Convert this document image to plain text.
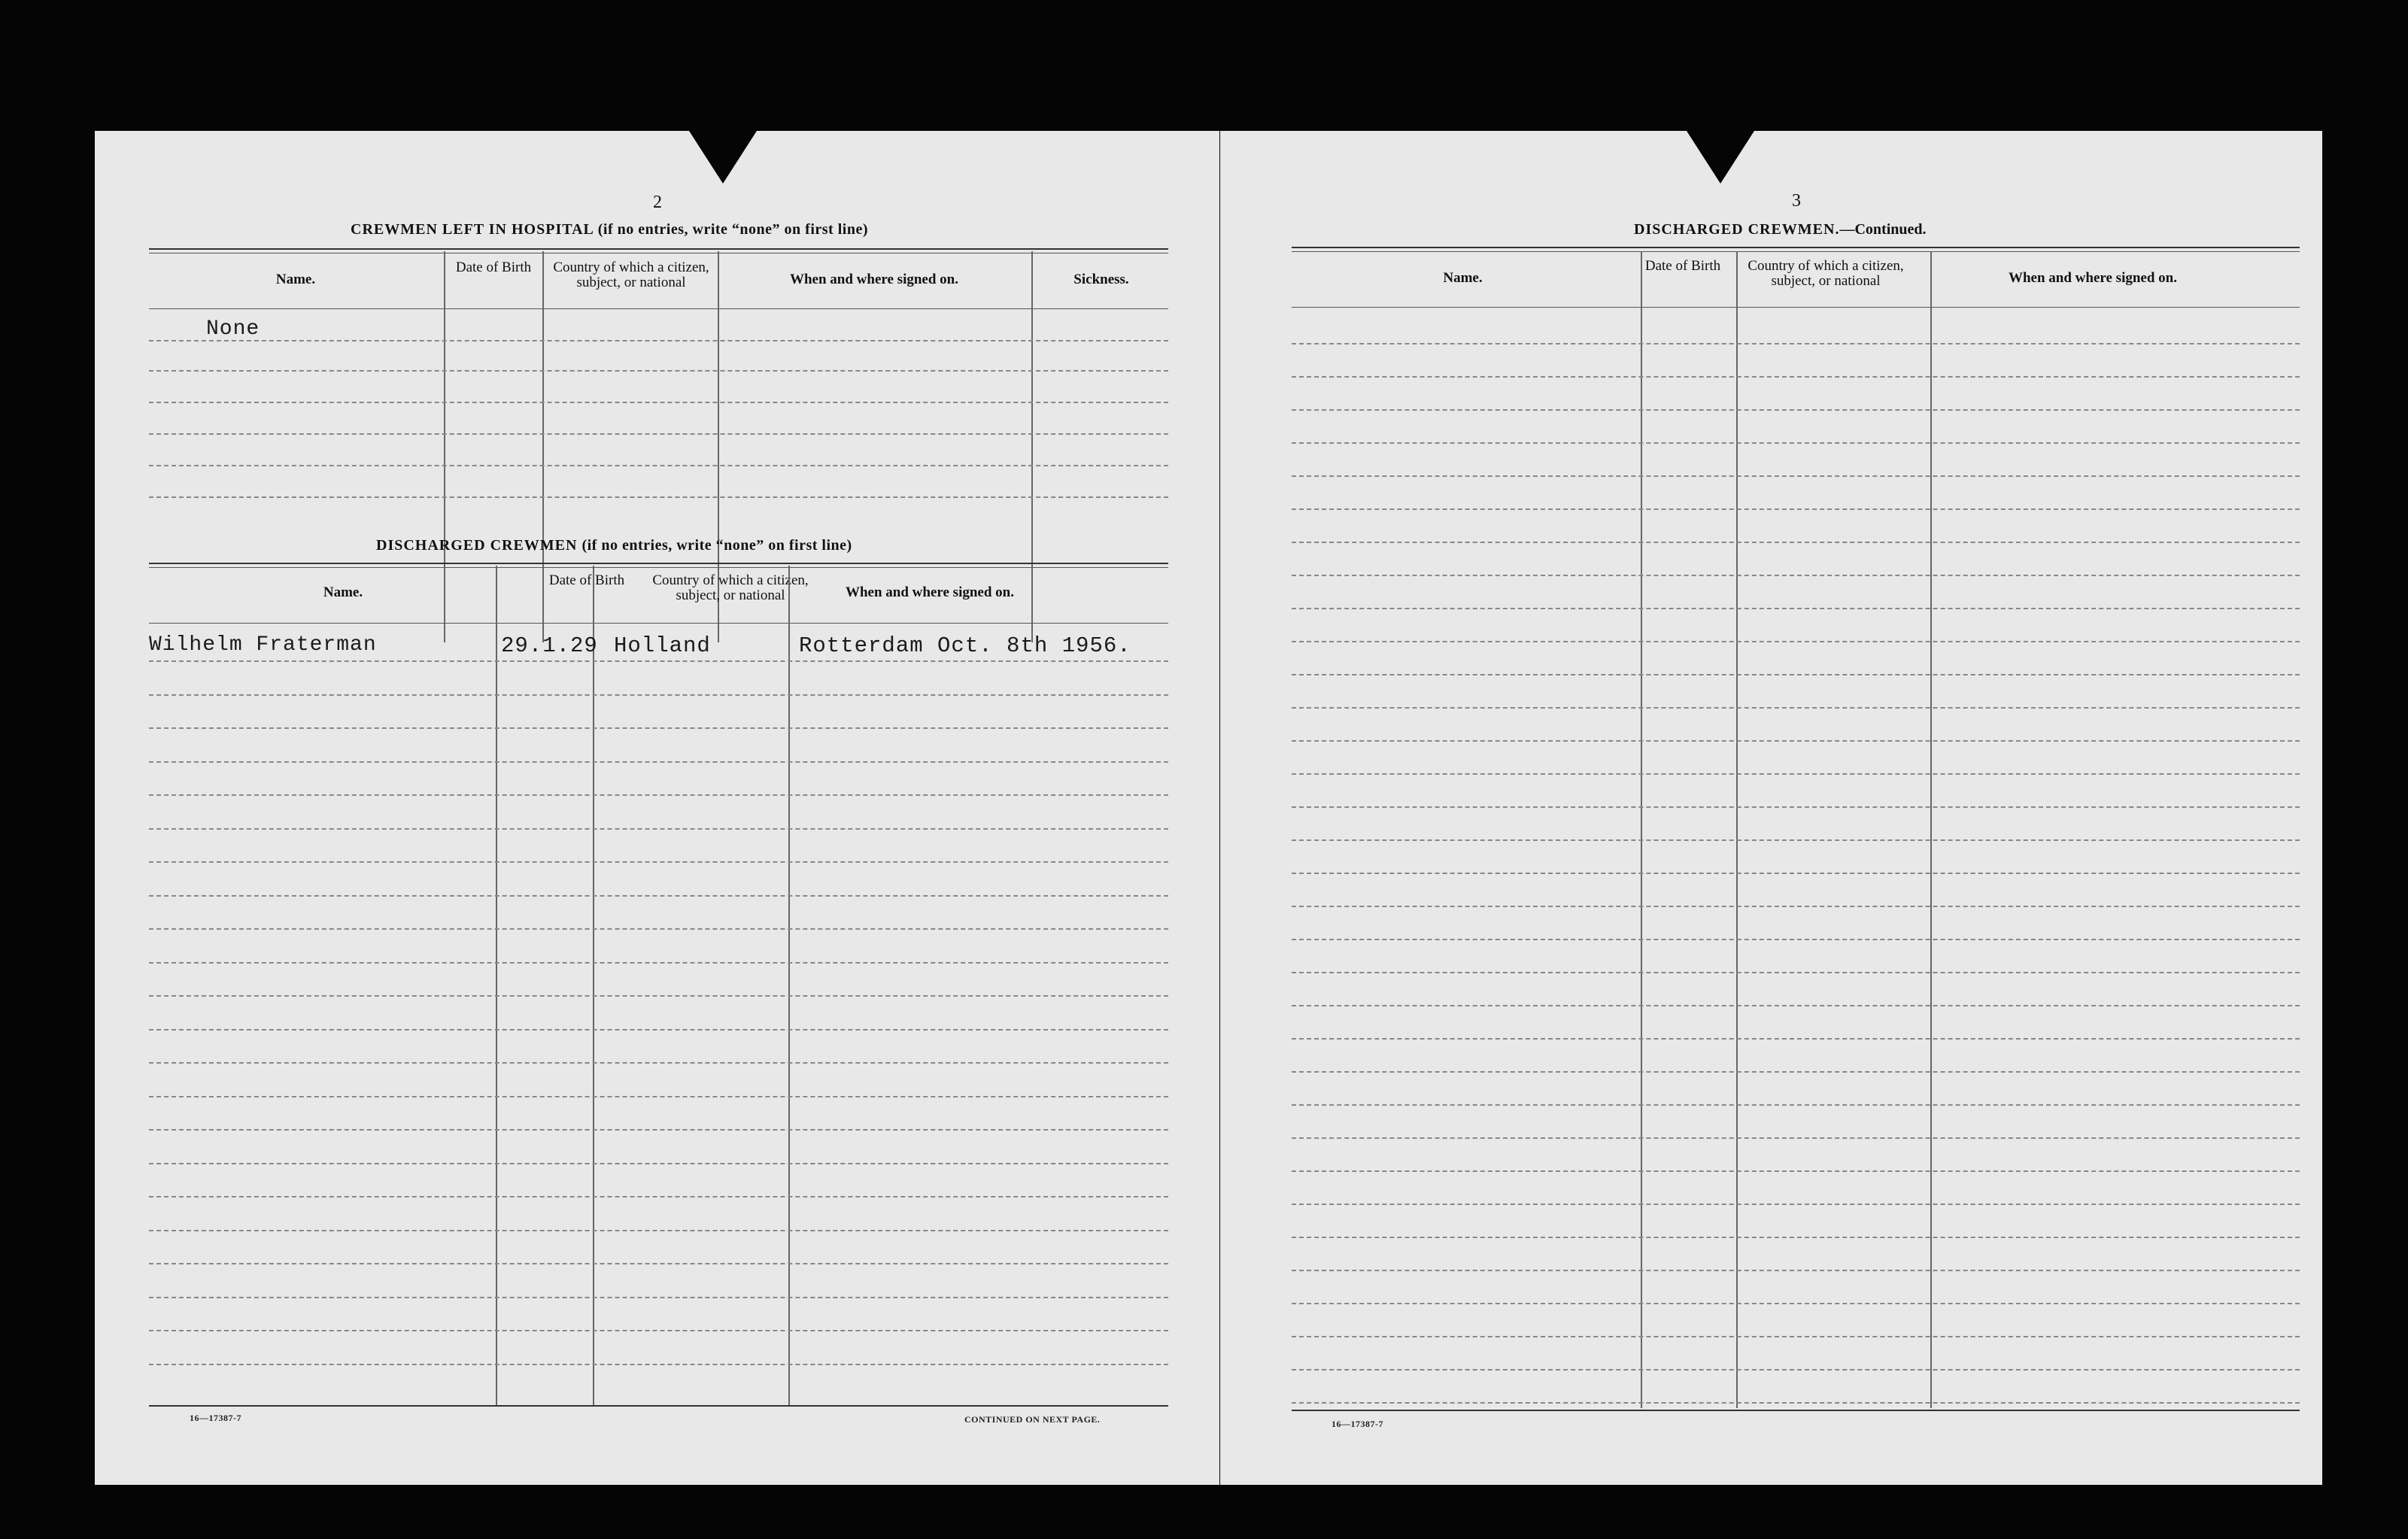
2
CREWMEN LEFT IN HOSPITAL (if no entries, write “none” on first line)
Name.
Date of Birth	Country of which a citizen, subject, or national	When and where signed on.	Sickness.
None
DISCHARGED CREWMEN (if no entries, write “none” on first line)
Name.
Date of Birth	Country of which a citizen, subject, or national	When and where signed on.
Wilhelm Fraterman	29.1.29 Holland	Rotterdam Oct. 8th 1956.
16—17387-7	CONTINUED ON NEXT PAGE.
3
DISCHARGED CREWMEN.—Continued.
Name.
Date of Birth	Country of which a citizen, subject, or national	When and where signed on.
16—17387-7
